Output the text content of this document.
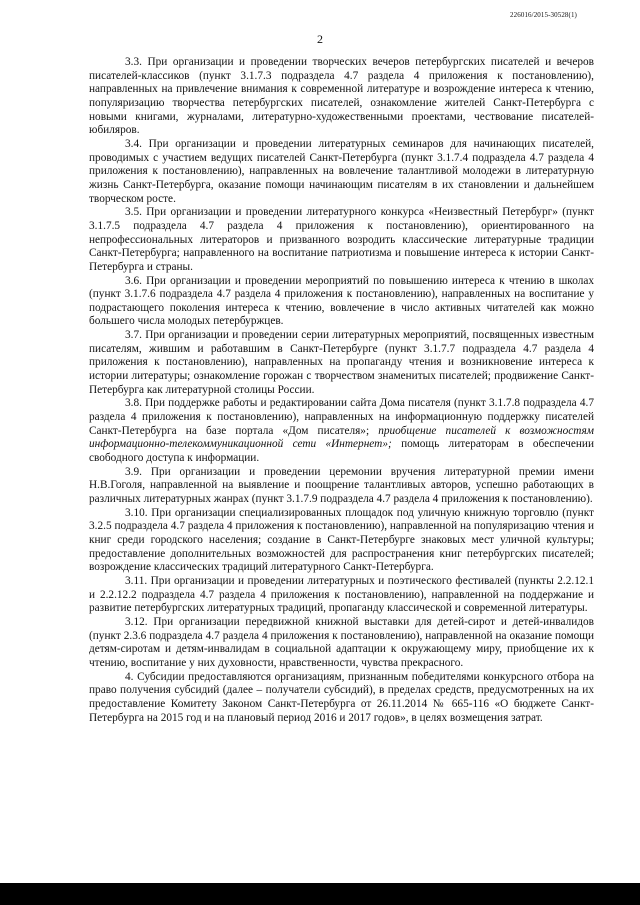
226016/2015-30528(1)
2

3.3. При организации и проведении творческих вечеров петербургских писателей и вечеров писателей-классиков (пункт 3.1.7.3 подраздела 4.7 раздела 4 приложения к постановлению), направленных на привлечение внимания к современной литературе и возрождение интереса к чтению, популяризацию творчества петербургских писателей, ознакомление жителей Санкт-Петербурга с новыми книгами, журналами, литературно-художественными проектами, чествование писателей-юбиляров.

3.4. При организации и проведении литературных семинаров для начинающих писателей, проводимых с участием ведущих писателей Санкт-Петербурга (пункт 3.1.7.4 подраздела 4.7 раздела 4 приложения к постановлению), направленных на вовлечение талантливой молодежи в литературную жизнь Санкт-Петербурга, оказание помощи начинающим писателям в их становлении и дальнейшем творческом росте.

3.5. При организации и проведении литературного конкурса «Неизвестный Петербург» (пункт 3.1.7.5 подраздела 4.7 раздела 4 приложения к постановлению), ориентированного на непрофессиональных литераторов и призванного возродить классические литературные традиции Санкт-Петербурга; направленного на воспитание патриотизма и повышение интереса к истории Санкт-Петербурга и страны.

3.6. При организации и проведении мероприятий по повышению интереса к чтению в школах (пункт 3.1.7.6 подраздела 4.7 раздела 4 приложения к постановлению), направленных на воспитание у подрастающего поколения интереса к чтению, вовлечение в число активных читателей как можно большего числа молодых петербуржцев.

3.7. При организации и проведении серии литературных мероприятий, посвященных известным писателям, жившим и работавшим в Санкт-Петербурге (пункт 3.1.7.7 подраздела 4.7 раздела 4 приложения к постановлению), направленных на пропаганду чтения и возникновение интереса к истории литературы; ознакомление горожан с творчеством знаменитых писателей; продвижение Санкт-Петербурга как литературной столицы России.

3.8. При поддержке работы и редактировании сайта Дома писателя (пункт 3.1.7.8 подраздела 4.7 раздела 4 приложения к постановлению), направленных на информационную поддержку писателей Санкт-Петербурга на базе портала «Дом писателя»; приобщение писателей к возможностям информационно-телекоммуникационной сети «Интернет»; помощь литераторам в обеспечении свободного доступа к информации.

3.9. При организации и проведении церемонии вручения литературной премии имени Н.В.Гоголя, направленной на выявление и поощрение талантливых авторов, успешно работающих в различных литературных жанрах (пункт 3.1.7.9 подраздела 4.7 раздела 4 приложения к постановлению).

3.10. При организации специализированных площадок под уличную книжную торговлю (пункт 3.2.5 подраздела 4.7 раздела 4 приложения к постановлению), направленной на популяризацию чтения и книг среди городского населения; создание в Санкт-Петербурге знаковых мест уличной культуры; предоставление дополнительных возможностей для распространения книг петербургских писателей; возрождение классических традиций литературного Санкт-Петербурга.

3.11. При организации и проведении литературных и поэтического фестивалей (пункты 2.2.12.1 и 2.2.12.2 подраздела 4.7 раздела 4 приложения к постановлению), направленной на поддержание и развитие петербургских литературных традиций, пропаганду классической и современной литературы.

3.12. При организации передвижной книжной выставки для детей-сирот и детей-инвалидов (пункт 2.3.6 подраздела 4.7 раздела 4 приложения к постановлению), направленной на оказание помощи детям-сиротам и детям-инвалидам в социальной адаптации к окружающему миру, приобщение их к чтению, воспитание у них духовности, нравственности, чувства прекрасного.

4. Субсидии предоставляются организациям, признанным победителями конкурсного отбора на право получения субсидий (далее – получатели субсидий), в пределах средств, предусмотренных на их предоставление Комитету Законом Санкт-Петербурга от 26.11.2014 № 665-116 «О бюджете Санкт-Петербурга на 2015 год и на плановый период 2016 и 2017 годов», в целях возмещения затрат.
